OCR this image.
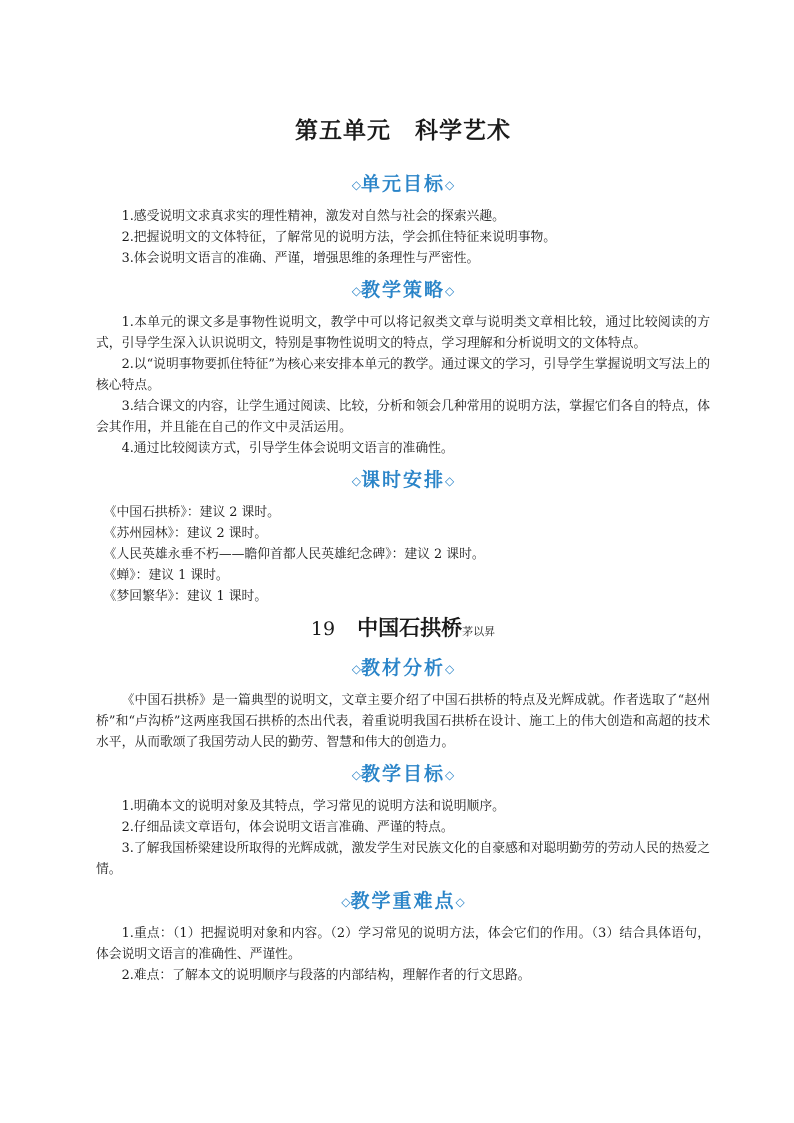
第五单元　科学艺术
◇单元目标◇

1.感受说明文求真求实的理性精神，激发对自然与社会的探索兴趣。

2.把握说明文的文体特征，了解常见的说明方法，学会抓住特征来说明事物。

3.体会说明文语言的准确、严谨，增强思维的条理性与严密性。

◇教学策略◇

1.本单元的课文多是事物性说明文，教学中可以将记叙类文章与说明类文章相比较，通过比较阅读的方式，引导学生深入认识说明文，特别是事物性说明文的特点，学习理解和分析说明文的文体特点。

2.以“说明事物要抓住特征”为核心来安排本单元的教学。通过课文的学习，引导学生掌握说明文写法上的核心特点。

3.结合课文的内容，让学生通过阅读、比较，分析和领会几种常用的说明方法，掌握它们各自的特点，体会其作用，并且能在自己的作文中灵活运用。

4.通过比较阅读方式，引导学生体会说明文语言的准确性。

◇课时安排◇

《中国石拱桥》：建议 2 课时。

《苏州园林》：建议 2 课时。

《人民英雄永垂不朽——瞻仰首都人民英雄纪念碑》：建议 2 课时。

《蝉》：建议 1 课时。

《梦回繁华》：建议 1 课时。

19 中国石拱桥茅以昇
◇教材分析◇

《中国石拱桥》是一篇典型的说明文，文章主要介绍了中国石拱桥的特点及光辉成就。作者选取了“赵州桥”和“卢沟桥”这两座我国石拱桥的杰出代表，着重说明我国石拱桥在设计、施工上的伟大创造和高超的技术水平，从而歌颂了我国劳动人民的勤劳、智慧和伟大的创造力。

◇教学目标◇

1.明确本文的说明对象及其特点，学习常见的说明方法和说明顺序。

2.仔细品读文章语句，体会说明文语言准确、严谨的特点。

3.了解我国桥梁建设所取得的光辉成就，激发学生对民族文化的自豪感和对聪明勤劳的劳动人民的热爱之情。

◇教学重难点◇

1.重点：（1）把握说明对象和内容。（2）学习常见的说明方法，体会它们的作用。（3）结合具体语句，体会说明文语言的准确性、严谨性。

2.难点：了解本文的说明顺序与段落的内部结构，理解作者的行文思路。
